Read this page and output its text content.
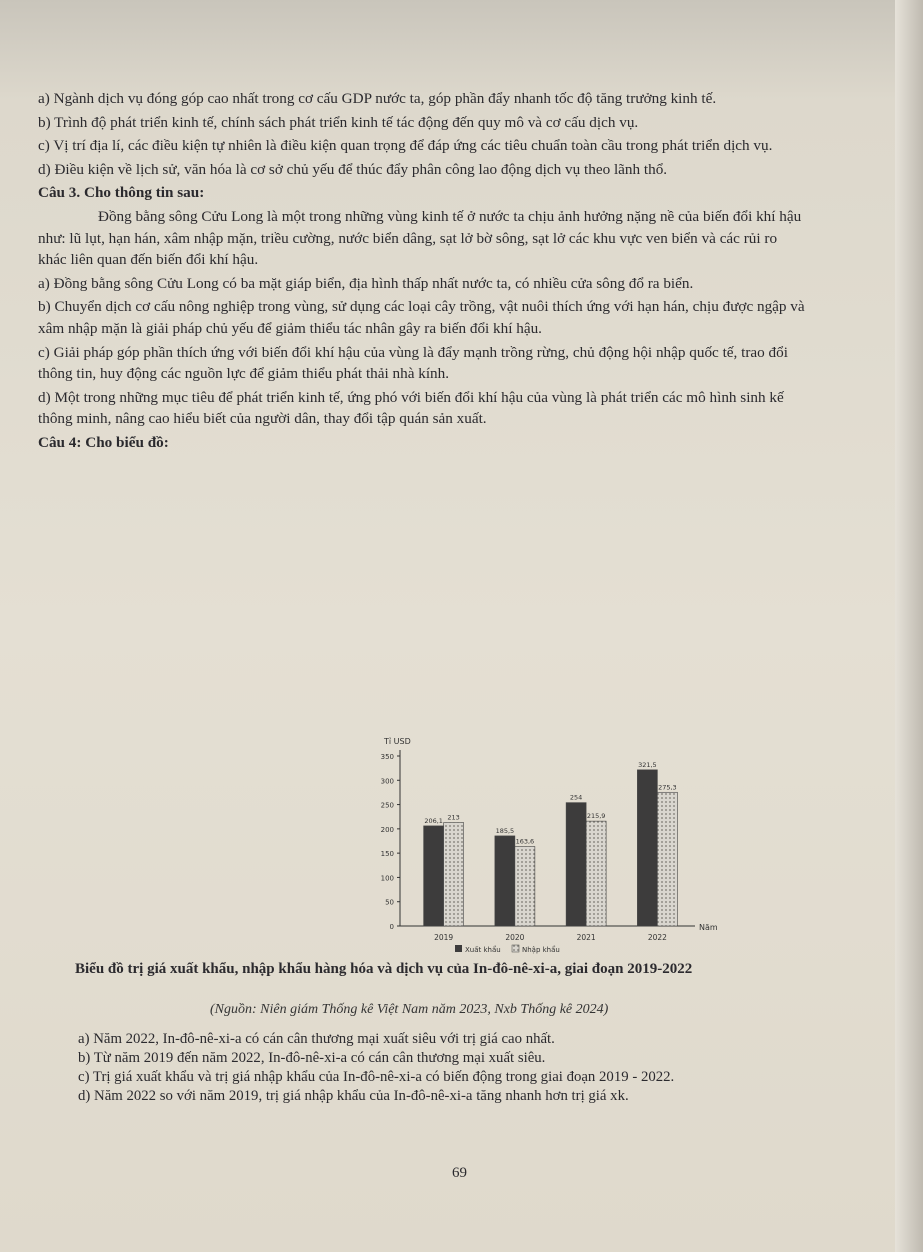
a) Ngành dịch vụ đóng góp cao nhất trong cơ cấu GDP nước ta, góp phần đẩy nhanh tốc độ tăng trưởng kinh tế.

b) Trình độ phát triển kinh tế, chính sách phát triển kinh tế tác động đến quy mô và cơ cấu dịch vụ.

c) Vị trí địa lí, các điều kiện tự nhiên là điều kiện quan trọng để đáp ứng các tiêu chuẩn toàn cầu trong phát triển dịch vụ.

d) Điều kiện về lịch sử, văn hóa là cơ sở chủ yếu để thúc đẩy phân công lao động dịch vụ theo lãnh thổ.

Câu 3. Cho thông tin sau:

Đồng bằng sông Cửu Long là một trong những vùng kinh tế ở nước ta chịu ảnh hưởng nặng nề của biến đổi khí hậu như: lũ lụt, hạn hán, xâm nhập mặn, triều cường, nước biển dâng, sạt lở bờ sông, sạt lở các khu vực ven biển và các rủi ro khác liên quan đến biến đổi khí hậu.

a) Đồng bằng sông Cửu Long có ba mặt giáp biển, địa hình thấp nhất nước ta, có nhiều cửa sông đổ ra biển.

b) Chuyển dịch cơ cấu nông nghiệp trong vùng, sử dụng các loại cây trồng, vật nuôi thích ứng với hạn hán, chịu được ngập và xâm nhập mặn là giải pháp chủ yếu để giảm thiểu tác nhân gây ra biến đổi khí hậu.

c) Giải pháp góp phần thích ứng với biến đổi khí hậu của vùng là đẩy mạnh trồng rừng, chủ động hội nhập quốc tế, trao đổi thông tin, huy động các nguồn lực để giảm thiểu phát thải nhà kính.

d) Một trong những mục tiêu để phát triển kinh tế, ứng phó với biến đổi khí hậu của vùng là phát triển các mô hình sinh kế thông minh, nâng cao hiểu biết của người dân, thay đổi tập quán sản xuất.

Câu 4: Cho biểu đồ:

Tỉ USD
Năm
0
50
100
150
200
250
300
350
206,1 213
2019
185,5
163,6
2020
254
215,9
2021
321,5
275,3
2022
Xuất khẩu	Nhập khẩu
Biểu đồ trị giá xuất khẩu, nhập khẩu hàng hóa và dịch vụ của In-đô-nê-xi-a, giai đoạn 2019-2022
(Nguồn: Niên giám Thống kê Việt Nam năm 2023, Nxb Thống kê 2024)

a) Năm 2022, In-đô-nê-xi-a có cán cân thương mại xuất siêu với trị giá cao nhất.

b) Từ năm 2019 đến năm 2022, In-đô-nê-xi-a có cán cân thương mại xuất siêu.

c) Trị giá xuất khẩu và trị giá nhập khẩu của In-đô-nê-xi-a có biến động trong giai đoạn 2019 - 2022.

d) Năm 2022 so với năm 2019, trị giá nhập khẩu của In-đô-nê-xi-a tăng nhanh hơn trị giá xk.

69
